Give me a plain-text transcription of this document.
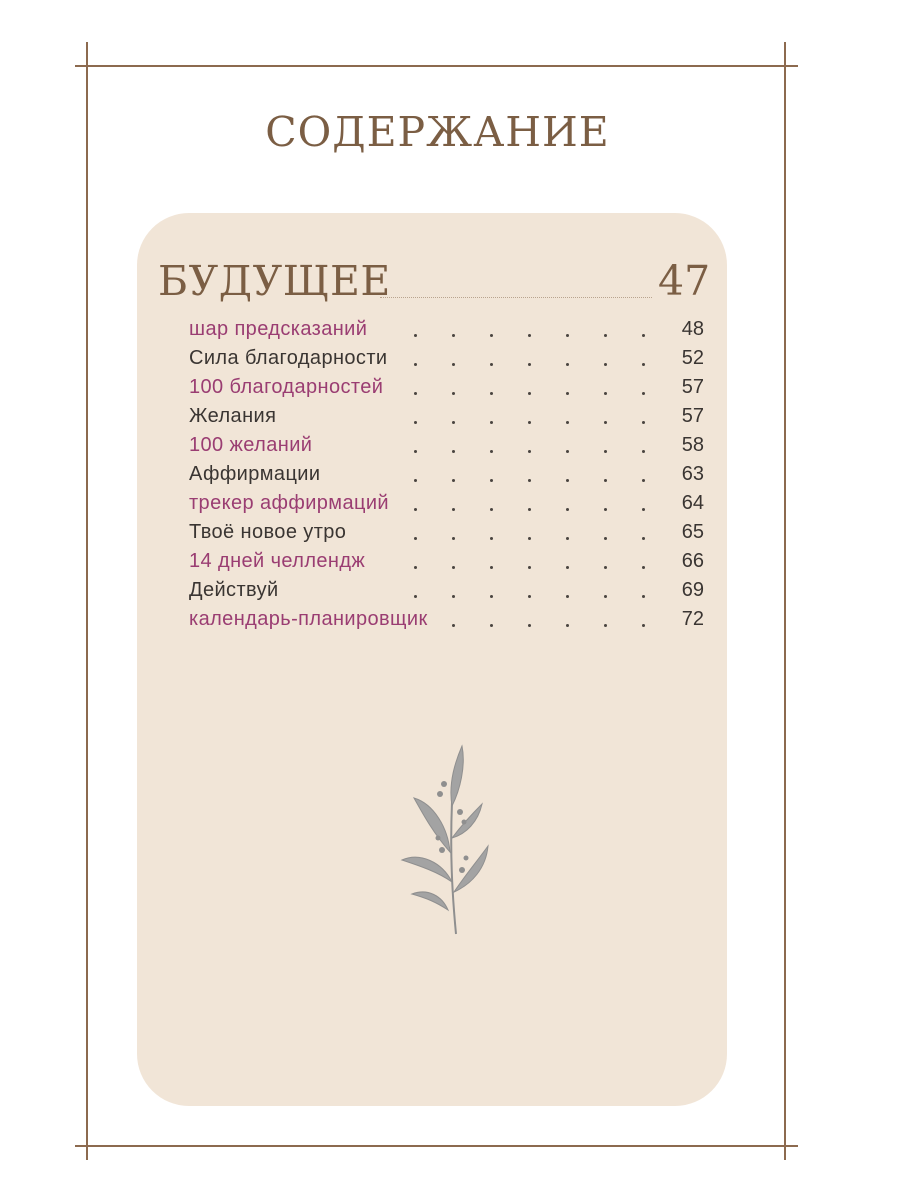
СОДЕРЖАНИЕ
БУДУЩЕЕ	47
шар предсказаний	48
Сила благодарности	52
100 благодарностей	57
Желания	57
100 желаний	58
Аффирмации	63
трекер аффирмаций	64
Твоё новое утро	65
14 дней челлендж	66
Действуй	69
календарь-планировщик	72
